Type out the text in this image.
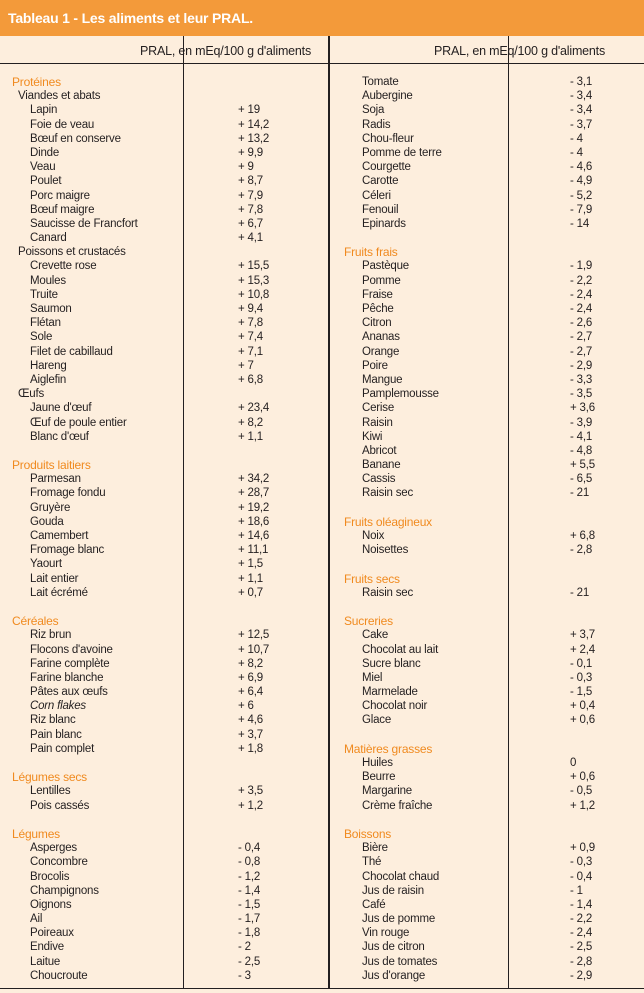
Tableau 1 - Les aliments et leur PRAL.
PRAL, en mEq/100 g d'aliments	PRAL, en mEq/100 g d'aliments
Protéines
Viandes et abats
Lapin	+ 19
Foie de veau	+ 14,2
Bœuf en conserve	+ 13,2
Dinde	+ 9,9
Veau	+ 9
Poulet	+ 8,7
Porc maigre	+ 7,9
Bœuf maigre	+ 7,8
Saucisse de Francfort	+ 6,7
Canard	+ 4,1
Poissons et crustacés
Crevette rose	+ 15,5
Moules	+ 15,3
Truite	+ 10,8
Saumon	+ 9,4
Flétan	+ 7,8
Sole	+ 7,4
Filet de cabillaud	+ 7,1
Hareng	+ 7
Aiglefin	+ 6,8
Œufs
Jaune d'œuf	+ 23,4
Œuf de poule entier	+ 8,2
Blanc d'œuf	+ 1,1
Produits laitiers
Parmesan	+ 34,2
Fromage fondu	+ 28,7
Gruyère	+ 19,2
Gouda	+ 18,6
Camembert	+ 14,6
Fromage blanc	+ 11,1
Yaourt	+ 1,5
Lait entier	+ 1,1
Lait écrémé	+ 0,7
Céréales
Riz brun	+ 12,5
Flocons d'avoine	+ 10,7
Farine complète	+ 8,2
Farine blanche	+ 6,9
Pâtes aux œufs	+ 6,4
Corn flakes	+ 6
Riz blanc	+ 4,6
Pain blanc	+ 3,7
Pain complet	+ 1,8
Légumes secs
Lentilles	+ 3,5
Pois cassés	+ 1,2
Légumes
Asperges	- 0,4
Concombre	- 0,8
Brocolis	- 1,2
Champignons	- 1,4
Oignons	- 1,5
Ail	- 1,7
Poireaux	- 1,8
Endive	- 2
Laitue	- 2,5
Choucroute	- 3
Tomate	- 3,1
Aubergine	- 3,4
Soja	- 3,4
Radis	- 3,7
Chou-fleur	- 4
Pomme de terre	- 4
Courgette	- 4,6
Carotte	- 4,9
Céleri	- 5,2
Fenouil	- 7,9
Epinards	- 14
Fruits frais
Pastèque	- 1,9
Pomme	- 2,2
Fraise	- 2,4
Pêche	- 2,4
Citron	- 2,6
Ananas	- 2,7
Orange	- 2,7
Poire	- 2,9
Mangue	- 3,3
Pamplemousse	- 3,5
Cerise	+ 3,6
Raisin	- 3,9
Kiwi	- 4,1
Abricot	- 4,8
Banane	+ 5,5
Cassis	- 6,5
Raisin sec	- 21
Fruits oléagineux
Noix	+ 6,8
Noisettes	- 2,8
Fruits secs
Raisin sec	- 21
Sucreries
Cake	+ 3,7
Chocolat au lait	+ 2,4
Sucre blanc	- 0,1
Miel	- 0,3
Marmelade	- 1,5
Chocolat noir	+ 0,4
Glace	+ 0,6
Matières grasses
Huiles	0
Beurre	+ 0,6
Margarine	- 0,5
Crème fraîche	+ 1,2
Boissons
Bière	+ 0,9
Thé	- 0,3
Chocolat chaud	- 0,4
Jus de raisin	- 1
Café	- 1,4
Jus de pomme	- 2,2
Vin rouge	- 2,4
Jus de citron	- 2,5
Jus de tomates	- 2,8
Jus d'orange	- 2,9
